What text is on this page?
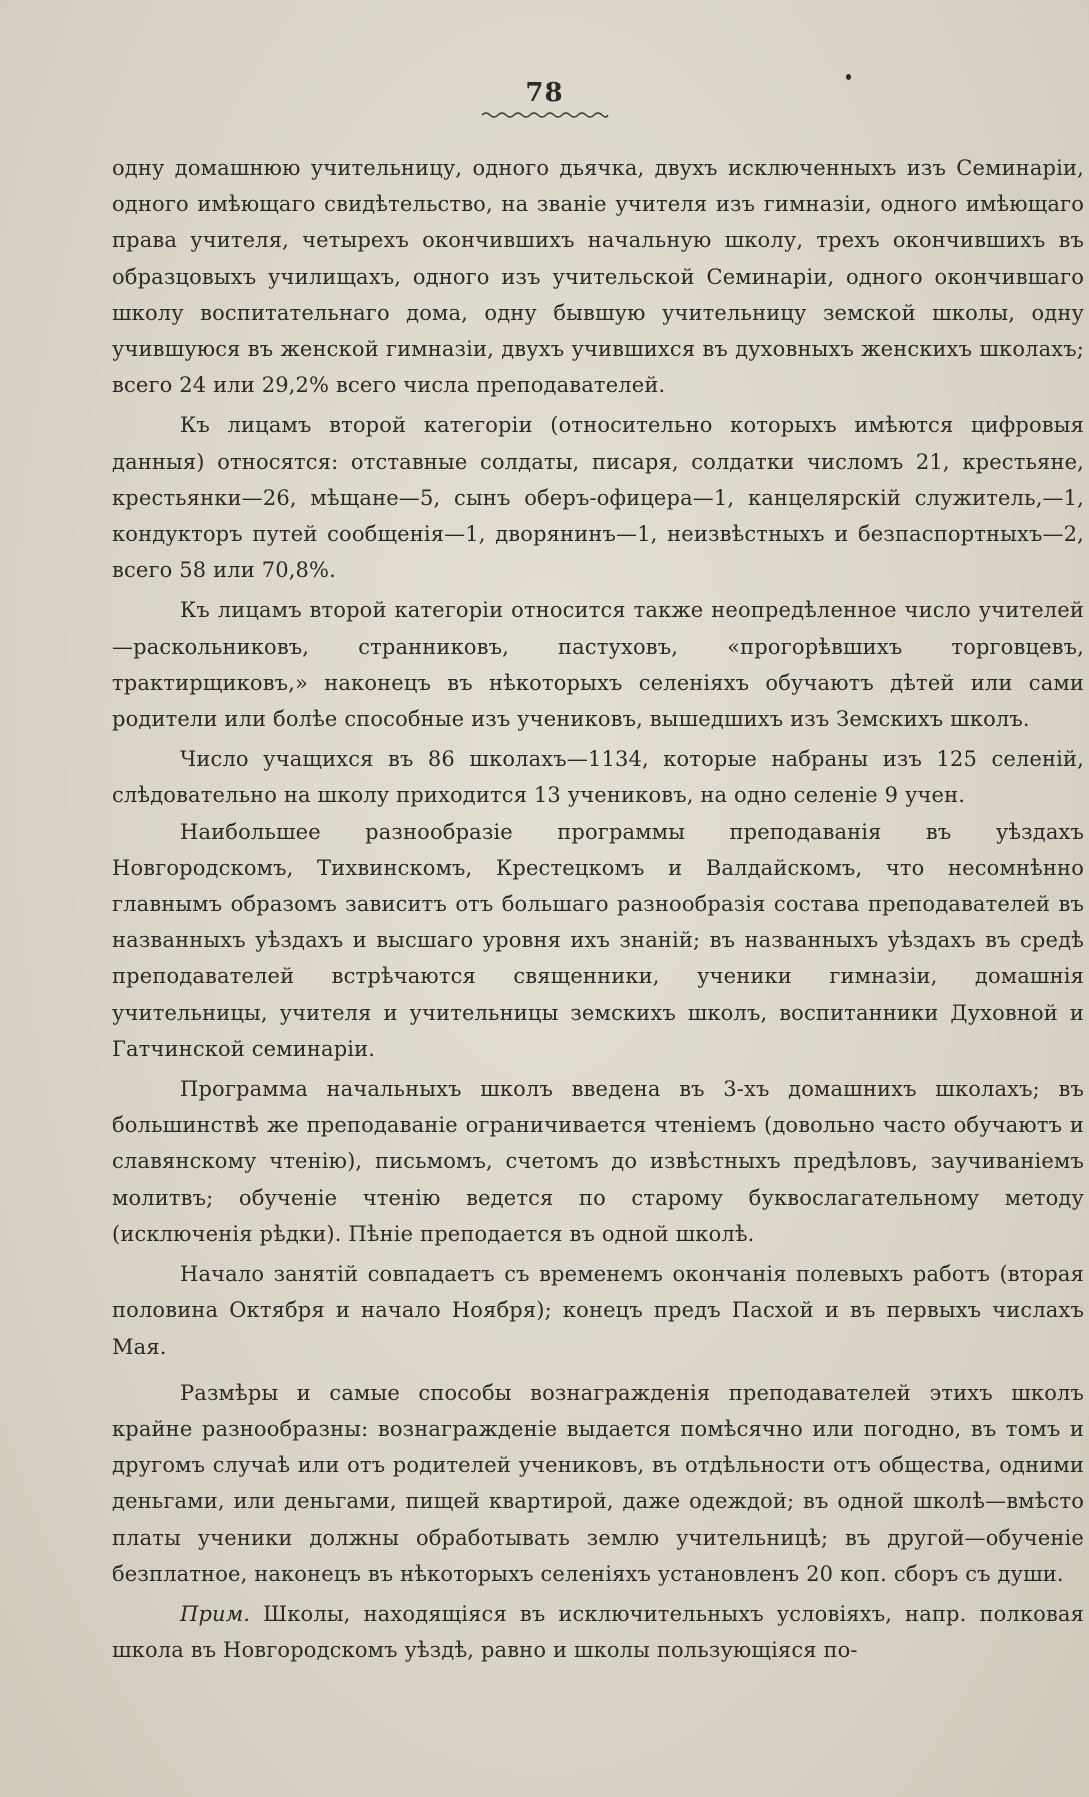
78

одну домашнюю учительницу, одного дьячка, двухъ исключенныхъ изъ Семинаріи, одного имѣющаго свидѣтельство, на званіе учителя изъ гимназіи, одного имѣющаго права учителя, четырехъ окончившихъ начальную школу, трехъ окончившихъ въ образцовыхъ училищахъ, одного изъ учительской Семинаріи, одного окончившаго школу воспитательнаго дома, одну бывшую учительницу земской школы, одну учившуюся въ женской гимназіи, двухъ учившихся въ духовныхъ женскихъ школахъ; всего 24 или 29,2% всего числа преподавателей.

Къ лицамъ второй категоріи (относительно которыхъ имѣются цифровыя данныя) относятся: отставные солдаты, писаря, солдатки числомъ 21, крестьяне, крестьянки—26, мѣщане—5, сынъ оберъ-офицера—1, канцелярскій служитель,—1, кондукторъ путей сообщенія—1, дворянинъ—1, неизвѣстныхъ и безпаспортныхъ—2, всего 58 или 70,8%.

Къ лицамъ второй категоріи относится также неопредѣленное число учителей—раскольниковъ, странниковъ, пастуховъ, «прогорѣвшихъ торговцевъ, трактирщиковъ,» наконецъ въ нѣкоторыхъ селеніяхъ обучаютъ дѣтей или сами родители или болѣе способные изъ учениковъ, вышедшихъ изъ Земскихъ школъ.

Число учащихся въ 86 школахъ—1134, которые набраны изъ 125 селеній, слѣдовательно на школу приходится 13 учениковъ, на одно селеніе 9 учен.

Наибольшее разнообразіе программы преподаванія въ уѣздахъ Новгородскомъ, Тихвинскомъ, Крестецкомъ и Валдайскомъ, что несомнѣнно главнымъ образомъ зависитъ отъ большаго разнообразія состава преподавателей въ названныхъ уѣздахъ и высшаго уровня ихъ знаній; въ названныхъ уѣздахъ въ средѣ преподавателей встрѣчаются священники, ученики гимназіи, домашнія учительницы, учителя и учительницы земскихъ школъ, воспитанники Духовной и Гатчинской семинаріи.

Программа начальныхъ школъ введена въ 3-хъ домашнихъ школахъ; въ большинствѣ же преподаваніе ограничивается чтеніемъ (довольно часто обучаютъ и славянскому чтенію), письмомъ, счетомъ до извѣстныхъ предѣловъ, заучиваніемъ молитвъ; обученіе чтенію ведется по старому буквослагательному методу (исключенія рѣдки). Пѣніе преподается въ одной школѣ.

Начало занятій совпадаетъ съ временемъ окончанія полевыхъ работъ (вторая половина Октября и начало Ноября); конецъ предъ Пасхой и въ первыхъ числахъ Мая.

Размѣры и самые способы вознагражденія преподавателей этихъ школъ крайне разнообразны: вознагражденіе выдается помѣсячно или погодно, въ томъ и другомъ случаѣ или отъ родителей учениковъ, въ отдѣльности отъ общества, одними деньгами, или деньгами, пищей квартирой, даже одеждой; въ одной школѣ—вмѣсто платы ученики должны обработывать землю учительницѣ; въ другой—обученіе безплатное, наконецъ въ нѣкоторыхъ селеніяхъ установленъ 20 коп. сборъ съ души.

Прим. Школы, находящіяся въ исключительныхъ условіяхъ, напр. полковая школа въ Новгородскомъ уѣздѣ, равно и школы пользующіяся по-
